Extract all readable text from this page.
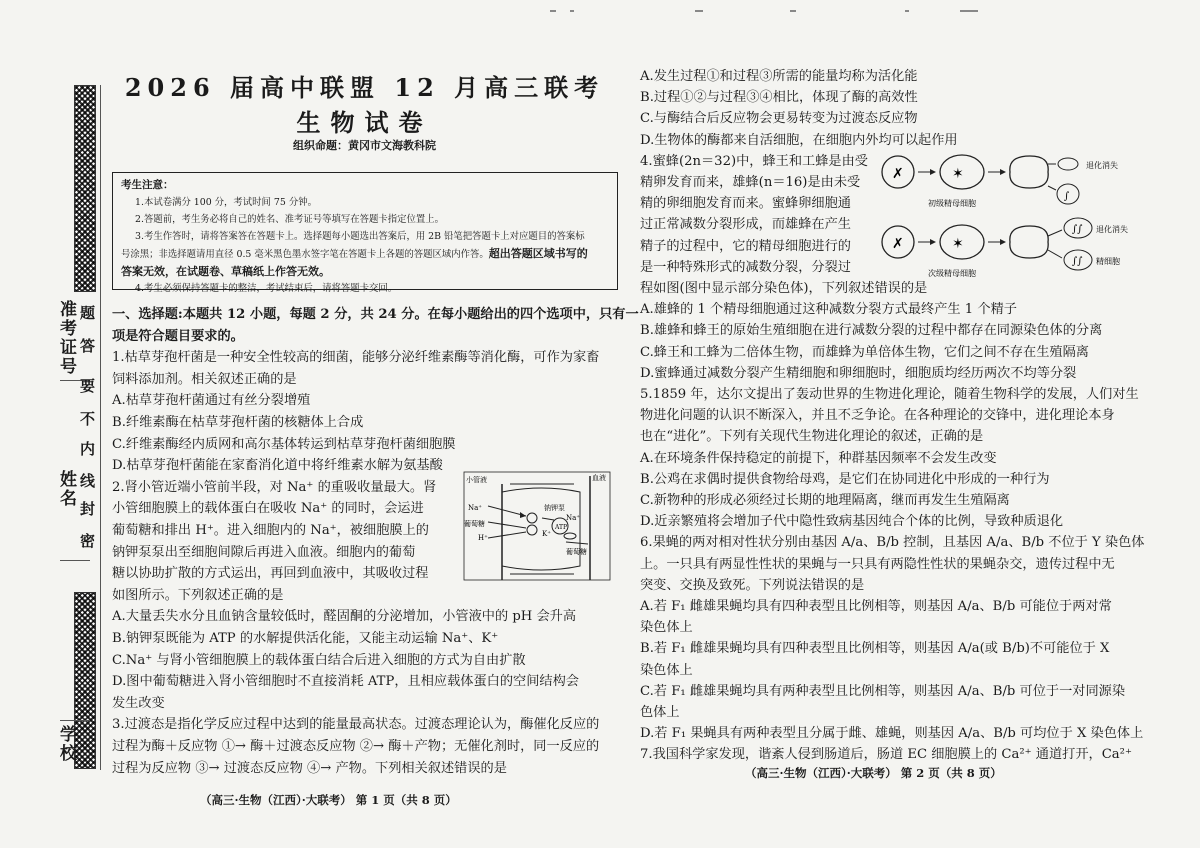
准考证号
姓名
学校
密
封
线
内
不
要
答
题
2026 届高中联盟 12 月高三联考
生物试卷
组织命题：黄冈市文海教科院
考生注意：
1.本试卷满分 100 分，考试时间 75 分钟。
2.答题前，考生务必将自己的姓名、准考证号等填写在答题卡指定位置上。
3.考生作答时，请将答案答在答题卡上。选择题每小题选出答案后，用 2B 铅笔把答题卡上对应题目的答案标
号涂黑；非选择题请用直径 0.5 毫米黑色墨水签字笔在答题卡上各题的答题区域内作答。超出答题区域书写的
答案无效，在试题卷、草稿纸上作答无效。
4.考生必须保持答题卡的整洁，考试结束后，请将答题卡交回。
一、选择题:本题共 12 小题，每题 2 分，共 24 分。在每小题给出的四个选项中，只有一
项是符合题目要求的。
1.枯草芽孢杆菌是一种安全性较高的细菌，能够分泌纤维素酶等消化酶，可作为家畜
饲料添加剂。相关叙述正确的是
A.枯草芽孢杆菌通过有丝分裂增殖
B.纤维素酶在枯草芽孢杆菌的核糖体上合成
C.纤维素酶经内质网和高尔基体转运到枯草芽孢杆菌细胞膜
D.枯草芽孢杆菌能在家畜消化道中将纤维素水解为氨基酸
2.肾小管近端小管前半段，对 Na⁺ 的重吸收量最大。肾
小管细胞膜上的载体蛋白在吸收 Na⁺ 的同时，会运进
葡萄糖和排出 H⁺。进入细胞内的 Na⁺，被细胞膜上的
钠钾泵泵出至细胞间隙后再进入血液。细胞内的葡萄
糖以协助扩散的方式运出，再回到血液中，其吸收过程
如图所示。下列叙述正确的是
A.大量丢失水分且血钠含量较低时，醛固酮的分泌增加，小管液中的 pH 会升高
B.钠钾泵既能为 ATP 的水解提供活化能，又能主动运输 Na⁺、K⁺
C.Na⁺ 与肾小管细胞膜上的载体蛋白结合后进入细胞的方式为自由扩散
D.图中葡萄糖进入肾小管细胞时不直接消耗 ATP，且相应载体蛋白的空间结构会
发生改变
3.过渡态是指化学反应过程中达到的能量最高状态。过渡态理论认为，酶催化反应的
过程为酶＋反应物 ①→ 酶＋过渡态反应物 ②→ 酶＋产物；无催化剂时，同一反应的
过程为反应物 ③→ 过渡态反应物 ④→ 产物。下列相关叙述错误的是
A.发生过程①和过程③所需的能量均称为活化能
B.过程①②与过程③④相比，体现了酶的高效性
C.与酶结合后反应物会更易转变为过渡态反应物
D.生物体的酶都来自活细胞，在细胞内外均可以起作用
4.蜜蜂(2n＝32)中，蜂王和工蜂是由受
精卵发育而来，雄蜂(n＝16)是由未受
精的卵细胞发育而来。蜜蜂卵细胞通
过正常减数分裂形成，而雄蜂在产生
精子的过程中，它的精母细胞进行的
是一种特殊形式的减数分裂，分裂过
程如图(图中显示部分染色体)，下列叙述错误的是
A.雄蜂的 1 个精母细胞通过这种减数分裂方式最终产生 1 个精子
B.雄蜂和蜂王的原始生殖细胞在进行减数分裂的过程中都存在同源染色体的分离
C.蜂王和工蜂为二倍体生物，而雄蜂为单倍体生物，它们之间不存在生殖隔离
D.蜜蜂通过减数分裂产生精细胞和卵细胞时，细胞质均经历两次不均等分裂
5.1859 年，达尔文提出了轰动世界的生物进化理论，随着生物科学的发展，人们对生
物进化问题的认识不断深入，并且不乏争论。在各种理论的交锋中，进化理论本身
也在“进化”。下列有关现代生物进化理论的叙述，正确的是
A.在环境条件保持稳定的前提下，种群基因频率不会发生改变
B.公鸡在求偶时提供食物给母鸡，是它们在协同进化中形成的一种行为
C.新物种的形成必须经过长期的地理隔离，继而再发生生殖隔离
D.近亲繁殖将会增加子代中隐性致病基因纯合个体的比例，导致种质退化
6.果蝇的两对相对性状分别由基因 A/a、B/b 控制，且基因 A/a、B/b 不位于 Y 染色体
上。一只具有两显性性状的果蝇与一只具有两隐性性状的果蝇杂交，遗传过程中无
突变、交换及致死。下列说法错误的是
A.若 F₁ 雌雄果蝇均具有四种表型且比例相等，则基因 A/a、B/b 可能位于两对常
染色体上
B.若 F₁ 雌雄果蝇均具有四种表型且比例相等，则基因 A/a(或 B/b)不可能位于 X
染色体上
C.若 F₁ 雌雄果蝇均具有两种表型且比例相等，则基因 A/a、B/b 可位于一对同源染
色体上
D.若 F₁ 果蝇具有两种表型且分属于雌、雄蝇，则基因 A/a、B/b 可均位于 X 染色体上
7.我国科学家发现，谐紊人侵到肠道后，肠道 EC 细胞膜上的 Ca²⁺ 通道打开，Ca²⁺
小管液	血液
Na⁺
葡萄糖
H⁺
钠钾泵
ATP
K⁺
Na⁺
葡萄糖
✗	✶
∫
退化消失
初级精母细胞
✗	✶
∫∫
∫∫
退化消失
精细胞
次级精母细胞
（高三·生物（江西）·大联考） 第 1 页（共 8 页）
（高三·生物（江西）·大联考） 第 2 页（共 8 页）
